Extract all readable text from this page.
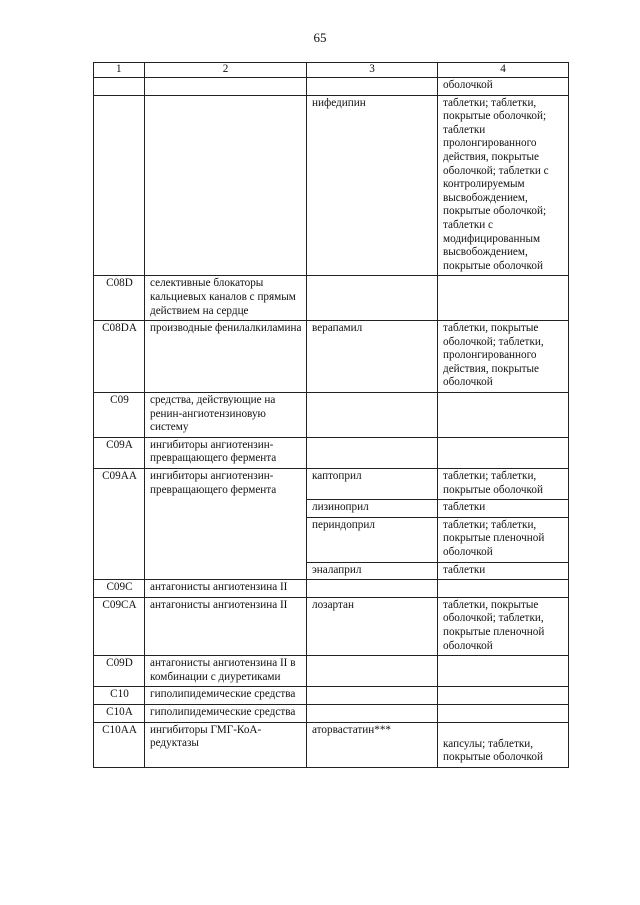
65
1	2	3	4
			оболочкой
		нифедипин	таблетки; таблетки, покрытые оболочкой; таблетки пролонгированного действия, покрытые оболочкой; таблетки с контролируемым высвобождением, покрытые оболочкой; таблетки с модифицированным высвобождением, покрытые оболочкой
C08D	селективные блокаторы кальциевых каналов с прямым действием на сердце		
C08DA	производные фенилалкиламина	верапамил	таблетки, покрытые оболочкой; таблетки, пролонгированного действия, покрытые оболочкой
C09	средства, действующие на ренин-ангиотензиновую систему		
C09A	ингибиторы ангиотензин-превращающего фермента		
C09AA	ингибиторы ангиотензин-превращающего фермента	каптоприл	таблетки; таблетки, покрытые оболочкой
		лизиноприл	таблетки
		периндоприл	таблетки; таблетки, покрытые пленочной оболочкой
		эналаприл	таблетки
C09C	антагонисты ангиотензина II		
C09CA	антагонисты ангиотензина II	лозартан	таблетки, покрытые оболочкой; таблетки, покрытые пленочной оболочкой
C09D	антагонисты ангиотензина II в комбинации с диуретиками		
C10	гиполипидемические средства		
C10A	гиполипидемические средства		
C10AA	ингибиторы ГМГ-КоА-редуктазы	аторвастатин***	капсулы; таблетки, покрытые оболочкой
